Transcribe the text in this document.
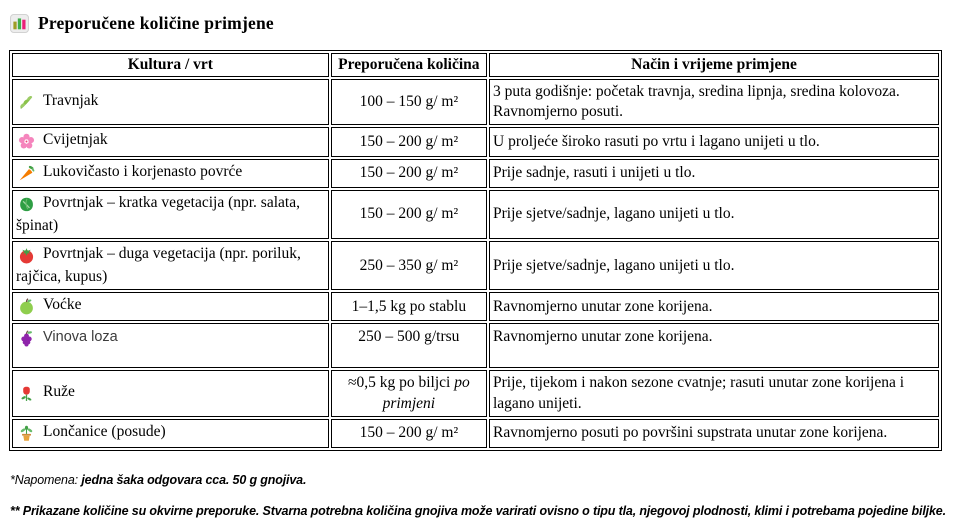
Preporučene količine primjene
Kultura / vrt	Preporučena količina	Način i vrijeme primjene
Travnjak	100 – 150 g/ m²	3 puta godišnje: početak travnja, sredina lipnja, sredina kolovoza. Ravnomjerno posuti.
Cvijetnjak	150 – 200 g/ m²	U proljeće široko rasuti po vrtu i lagano unijeti u tlo.
Lukovičasto i korjenasto povrće	150 – 200 g/ m²	Prije sadnje, rasuti i unijeti u tlo.
Povrtnjak – kratka vegetacija (npr. salata, špinat)	150 – 200 g/ m²	Prije sjetve/sadnje, lagano unijeti u tlo.
Povrtnjak – duga vegetacija (npr. poriluk, rajčica, kupus)	250 – 350 g/ m²	Prije sjetve/sadnje, lagano unijeti u tlo.
Voćke	1–1,5 kg po stablu	Ravnomjerno unutar zone korijena.
Vinova loza	250 – 500 g/trsu	Ravnomjerno unutar zone korijena.
Ruže	≈0,5 kg po biljci po primjeni	Prije, tijekom i nakon sezone cvatnje; rasuti unutar zone korijena i lagano unijeti.
Lončanice (posude)	150 – 200 g/ m²	Ravnomjerno posuti po površini supstrata unutar zone korijena.

*Napomena: jedna šaka odgovara cca. 50 g gnojiva.

** Prikazane količine su okvirne preporuke. Stvarna potrebna količina gnojiva može varirati ovisno o tipu tla, njegovoj plodnosti, klimi i potrebama pojedine biljke.
